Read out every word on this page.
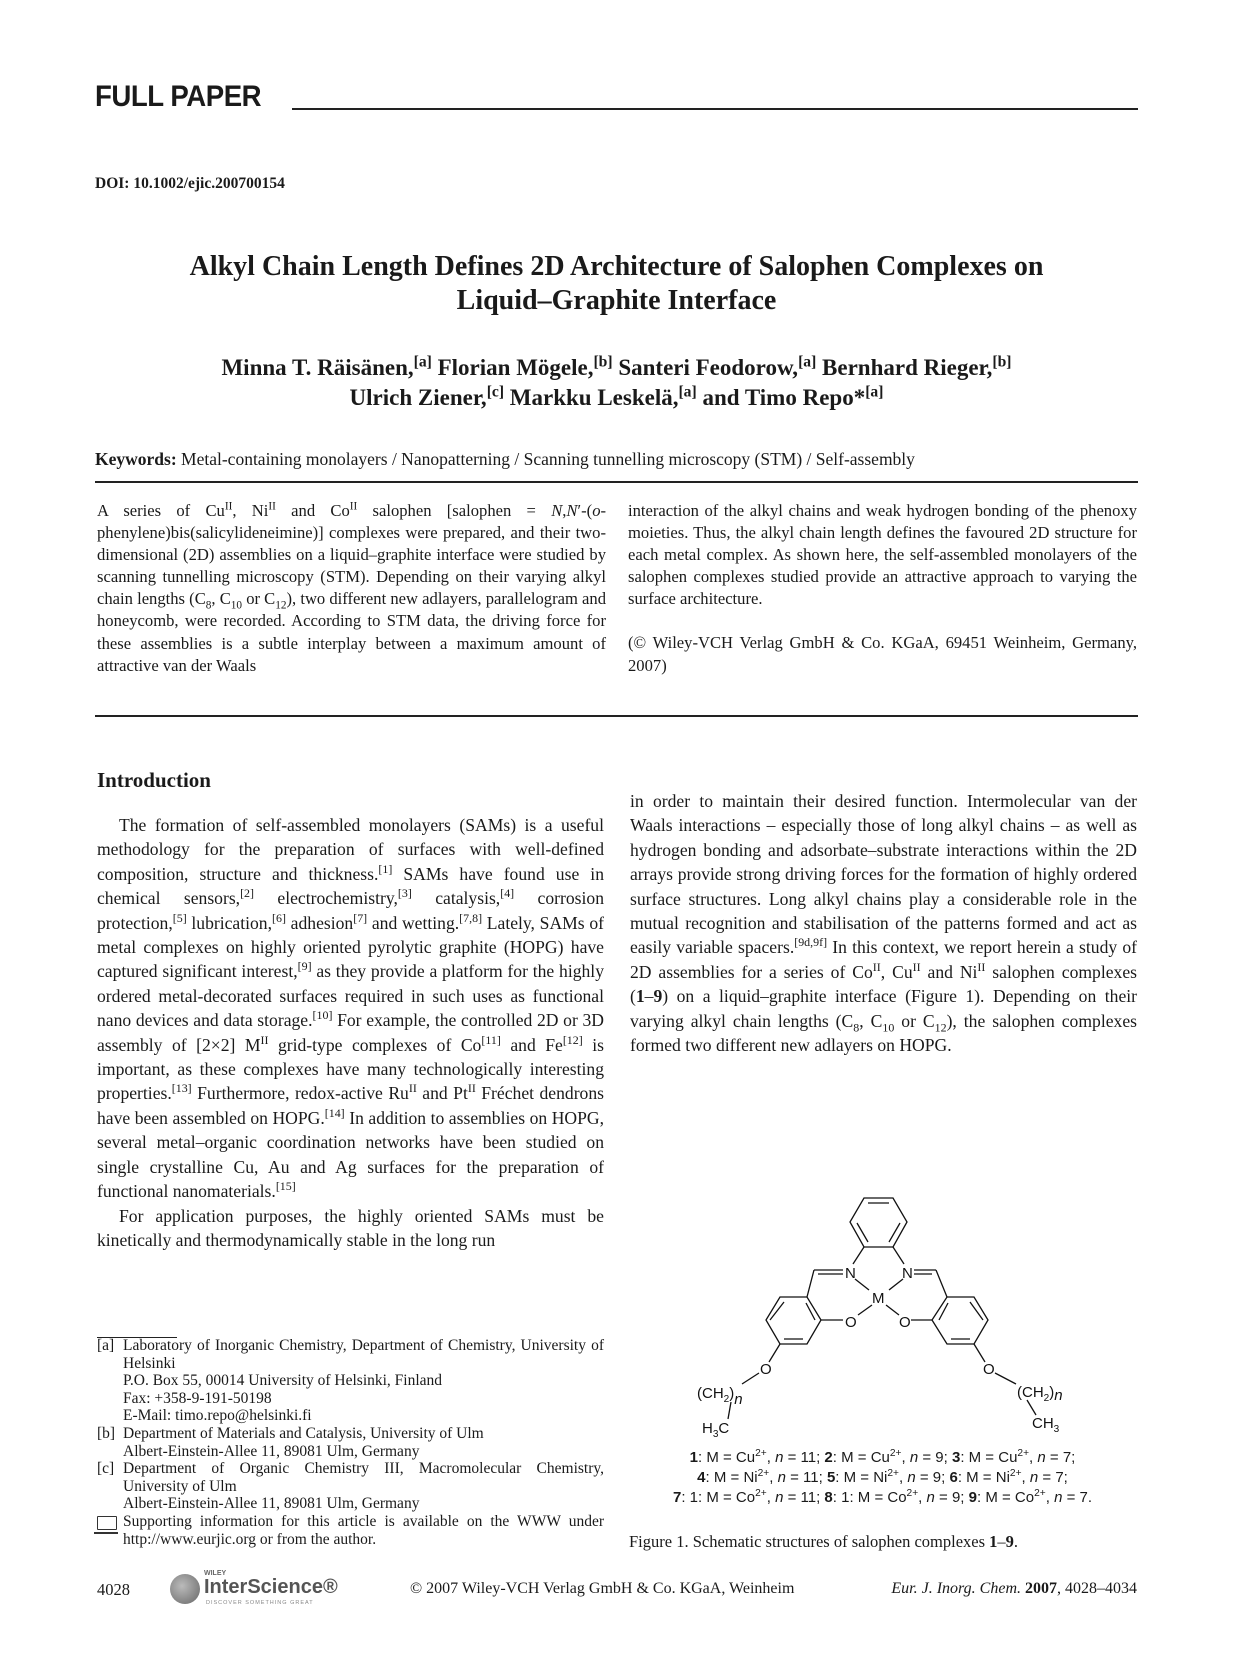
FULL PAPER
DOI: 10.1002/ejic.200700154
Alkyl Chain Length Defines 2D Architecture of Salophen Complexes on
Liquid–Graphite Interface
Minna T. Räisänen,[a] Florian Mögele,[b] Santeri Feodorow,[a] Bernhard Rieger,[b]
Ulrich Ziener,[c] Markku Leskelä,[a] and Timo Repo*[a]
Keywords: Metal-containing monolayers / Nanopatterning / Scanning tunnelling microscopy (STM) / Self-assembly
A series of $Cu^{II}$, $Ni^{II}$ and $Co^{II}$ salophen [salophen = N,N′-(o-phenylene)bis(salicylideneimine)] complexes were prepared, and their two-dimensional (2D) assemblies on a liquid–graphite interface were studied by scanning tunnelling microscopy (STM). Depending on their varying alkyl chain lengths ($C_8$, $C_{10}$ or $C_{12}$), two different new adlayers, parallelogram and honeycomb, were recorded. According to STM data, the driving force for these assemblies is a subtle interplay between a maximum amount of attractive van der Waals
interaction of the alkyl chains and weak hydrogen bonding of the phenoxy moieties. Thus, the alkyl chain length defines the favoured 2D structure for each metal complex. As shown here, the self-assembled monolayers of the salophen complexes studied provide an attractive approach to varying the surface architecture.
(© Wiley-VCH Verlag GmbH & Co. KGaA, 69451 Weinheim, Germany, 2007)
Introduction

The formation of self-assembled monolayers (SAMs) is a useful methodology for the preparation of surfaces with well-defined composition, structure and thickness.[1] SAMs have found use in chemical sensors,[2] electrochemistry,[3] catalysis,[4] corrosion protection,[5] lubrication,[6] adhesion[7] and wetting.[7,8] Lately, SAMs of metal complexes on highly oriented pyrolytic graphite (HOPG) have captured significant interest,[9] as they provide a platform for the highly ordered metal-decorated surfaces required in such uses as functional nano devices and data storage.[10] For example, the controlled 2D or 3D assembly of [2×2] $M^{II}$ grid-type complexes of Co[11] and Fe[12] is important, as these complexes have many technologically interesting properties.[13] Furthermore, redox-active $Ru^{II}$ and $Pt^{II}$ Fréchet dendrons have been assembled on HOPG.[14] In addition to assemblies on HOPG, several metal–organic coordination networks have been studied on single crystalline Cu, Au and Ag surfaces for the preparation of functional nanomaterials.[15]

For application purposes, the highly oriented SAMs must be kinetically and thermodynamically stable in the long run

in order to maintain their desired function. Intermolecular van der Waals interactions – especially those of long alkyl chains – as well as hydrogen bonding and adsorbate–substrate interactions within the 2D arrays provide strong driving forces for the formation of highly ordered surface structures. Long alkyl chains play a considerable role in the mutual recognition and stabilisation of the patterns formed and act as easily variable spacers.[9d,9f] In this context, we report herein a study of 2D assemblies for a series of $Co^{II}$, $Cu^{II}$ and $Ni^{II}$ salophen complexes (1–9) on a liquid–graphite interface (Figure 1). Depending on their varying alkyl chain lengths ($C_8$, $C_{10}$ or $C_{12}$), the salophen complexes formed two different new adlayers on HOPG.

[a] Laboratory of Inorganic Chemistry, Department of Chemistry, University of Helsinki
P.O. Box 55, 00014 University of Helsinki, Finland
Fax: +358-9-191-50198
E-Mail: timo.repo@helsinki.fi
[b] Department of Materials and Catalysis, University of Ulm
Albert-Einstein-Allee 11, 89081 Ulm, Germany
[c] Department of Organic Chemistry III, Macromolecular Chemistry, University of Ulm
Albert-Einstein-Allee 11, 89081 Ulm, Germany
Supporting information for this article is available on the WWW under http://www.eurjic.org or from the author.
N	N
M
O	O
O	O
$(CH_2)n$
$H_3C$
$(CH_2)n$
$CH_3$
1: $M = Cu^{2+}$, n = 11; 2: $M = Cu^{2+}$, n = 9; 3: $M = Cu^{2+}$, n = 7;
4: $M = Ni^{2+}$, n = 11; 5: $M = Ni^{2+}$, n = 9; 6: $M = Ni^{2+}$, n = 7;
7: 1: $M = Co^{2+}$, n = 11; 8: 1: $M = Co^{2+}$, n = 9; 9: $M = Co^{2+}$, n = 7.
Figure 1. Schematic structures of salophen complexes 1–9.
4028
WILEY
InterScience®
DISCOVER SOMETHING GREAT
© 2007 Wiley-VCH Verlag GmbH & Co. KGaA, Weinheim	Eur. J. Inorg. Chem. 2007, 4028–4034
